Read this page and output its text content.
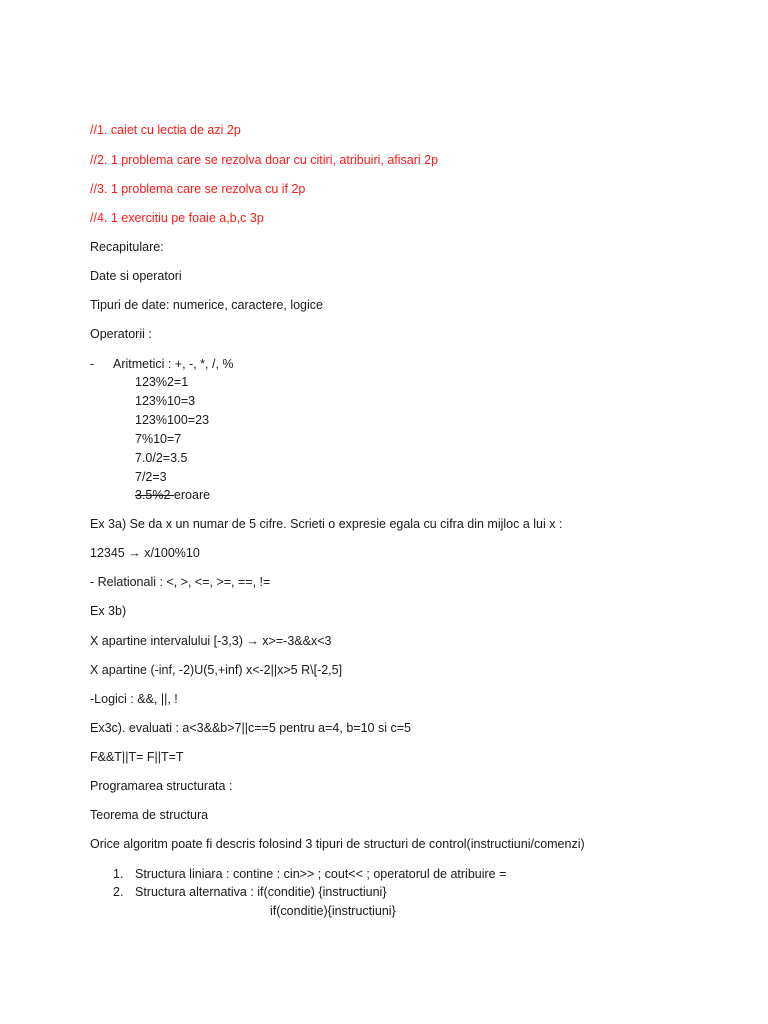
//1. caiet cu lectia de azi 2p
//2. 1 problema care se rezolva doar cu citiri, atribuiri, afisari 2p
//3. 1 problema care se rezolva cu if 2p
//4. 1 exercitiu pe foaie a,b,c 3p
Recapitulare:
Date si operatori
Tipuri de date: numerice, caractere, logice
Operatorii :
- Aritmetici : +, -, *, /, %
123%2=1
123%10=3
123%100=23
7%10=7
7.0/2=3.5
7/2=3
3.5%2 eroare
Ex 3a) Se da x un numar de 5 cifre. Scrieti o expresie egala cu cifra din mijloc a lui x :
12345 → x/100%10
- Relationali : <, >, <=, >=, ==, !=
Ex 3b)
X apartine intervalului [-3,3) → x>=-3&&x<3
X apartine (-inf, -2)U(5,+inf) x<-2||x>5 R\[-2,5]
-Logici : &&, ||, !
Ex3c). evaluati : a<3&&b>7||c==5 pentru a=4, b=10 si c=5
F&&T||T= F||T=T
Programarea structurata :
Teorema de structura
Orice algoritm poate fi descris folosind 3 tipuri de structuri de control(instructiuni/comenzi)
1. Structura liniara : contine : cin>> ; cout<< ; operatorul de atribuire =
2. Structura alternativa : if(conditie) {instructiuni}
if(conditie){instructiuni}
